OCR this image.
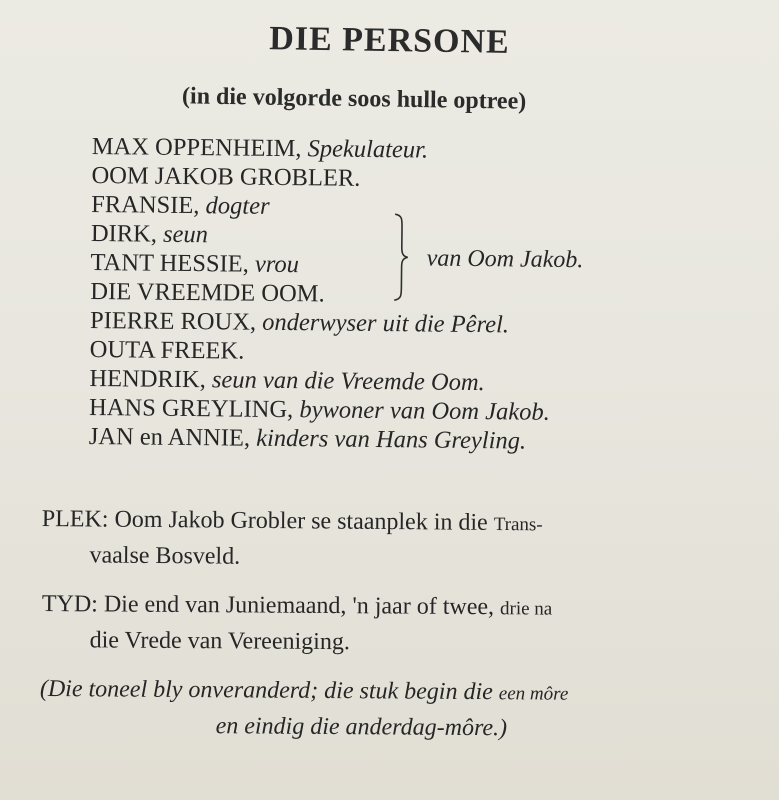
DIE PERSONE
(in die volgorde soos hulle optree)
MAX OPPENHEIM, Spekulateur.
OOM JAKOB GROBLER.
FRANSIE, dogter
DIRK, seun
TANT HESSIE, vrou
DIE VREEMDE OOM.
PIERRE ROUX, onderwyser uit die Pêrel.
OUTA FREEK.
HENDRIK, seun van die Vreemde Oom.
HANS GREYLING, bywoner van Oom Jakob.
JAN en ANNIE, kinders van Hans Greyling.
van Oom Jakob.
PLEK: Oom Jakob Grobler se staanplek in die Trans-
vaalse Bosveld.
TYD: Die end van Juniemaand, 'n jaar of twee, drie na
die Vrede van Vereeniging.
(Die toneel bly onveranderd; die stuk begin die een môre
en eindig die anderdag-môre.)
